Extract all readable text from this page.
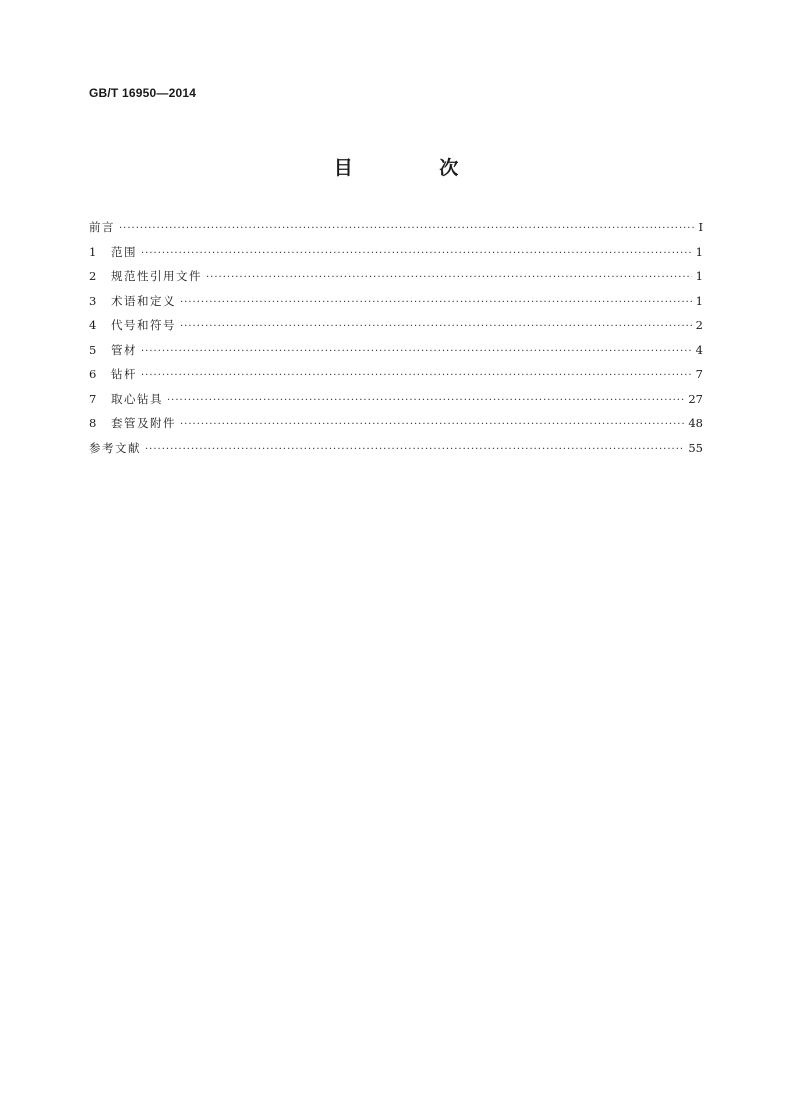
GB/T 16950—2014
目 次
前言 ·····	Ⅰ
1	范围 ·····	1
2	规范性引用文件 ·····	1
3	术语和定义 ·····	1
4	代号和符号 ·····	2
5	管材 ·····	4
6	钻杆 ·····	7
7	取心钻具 ·····	27
8	套管及附件 ·····	48
参考文献 ·····	55
